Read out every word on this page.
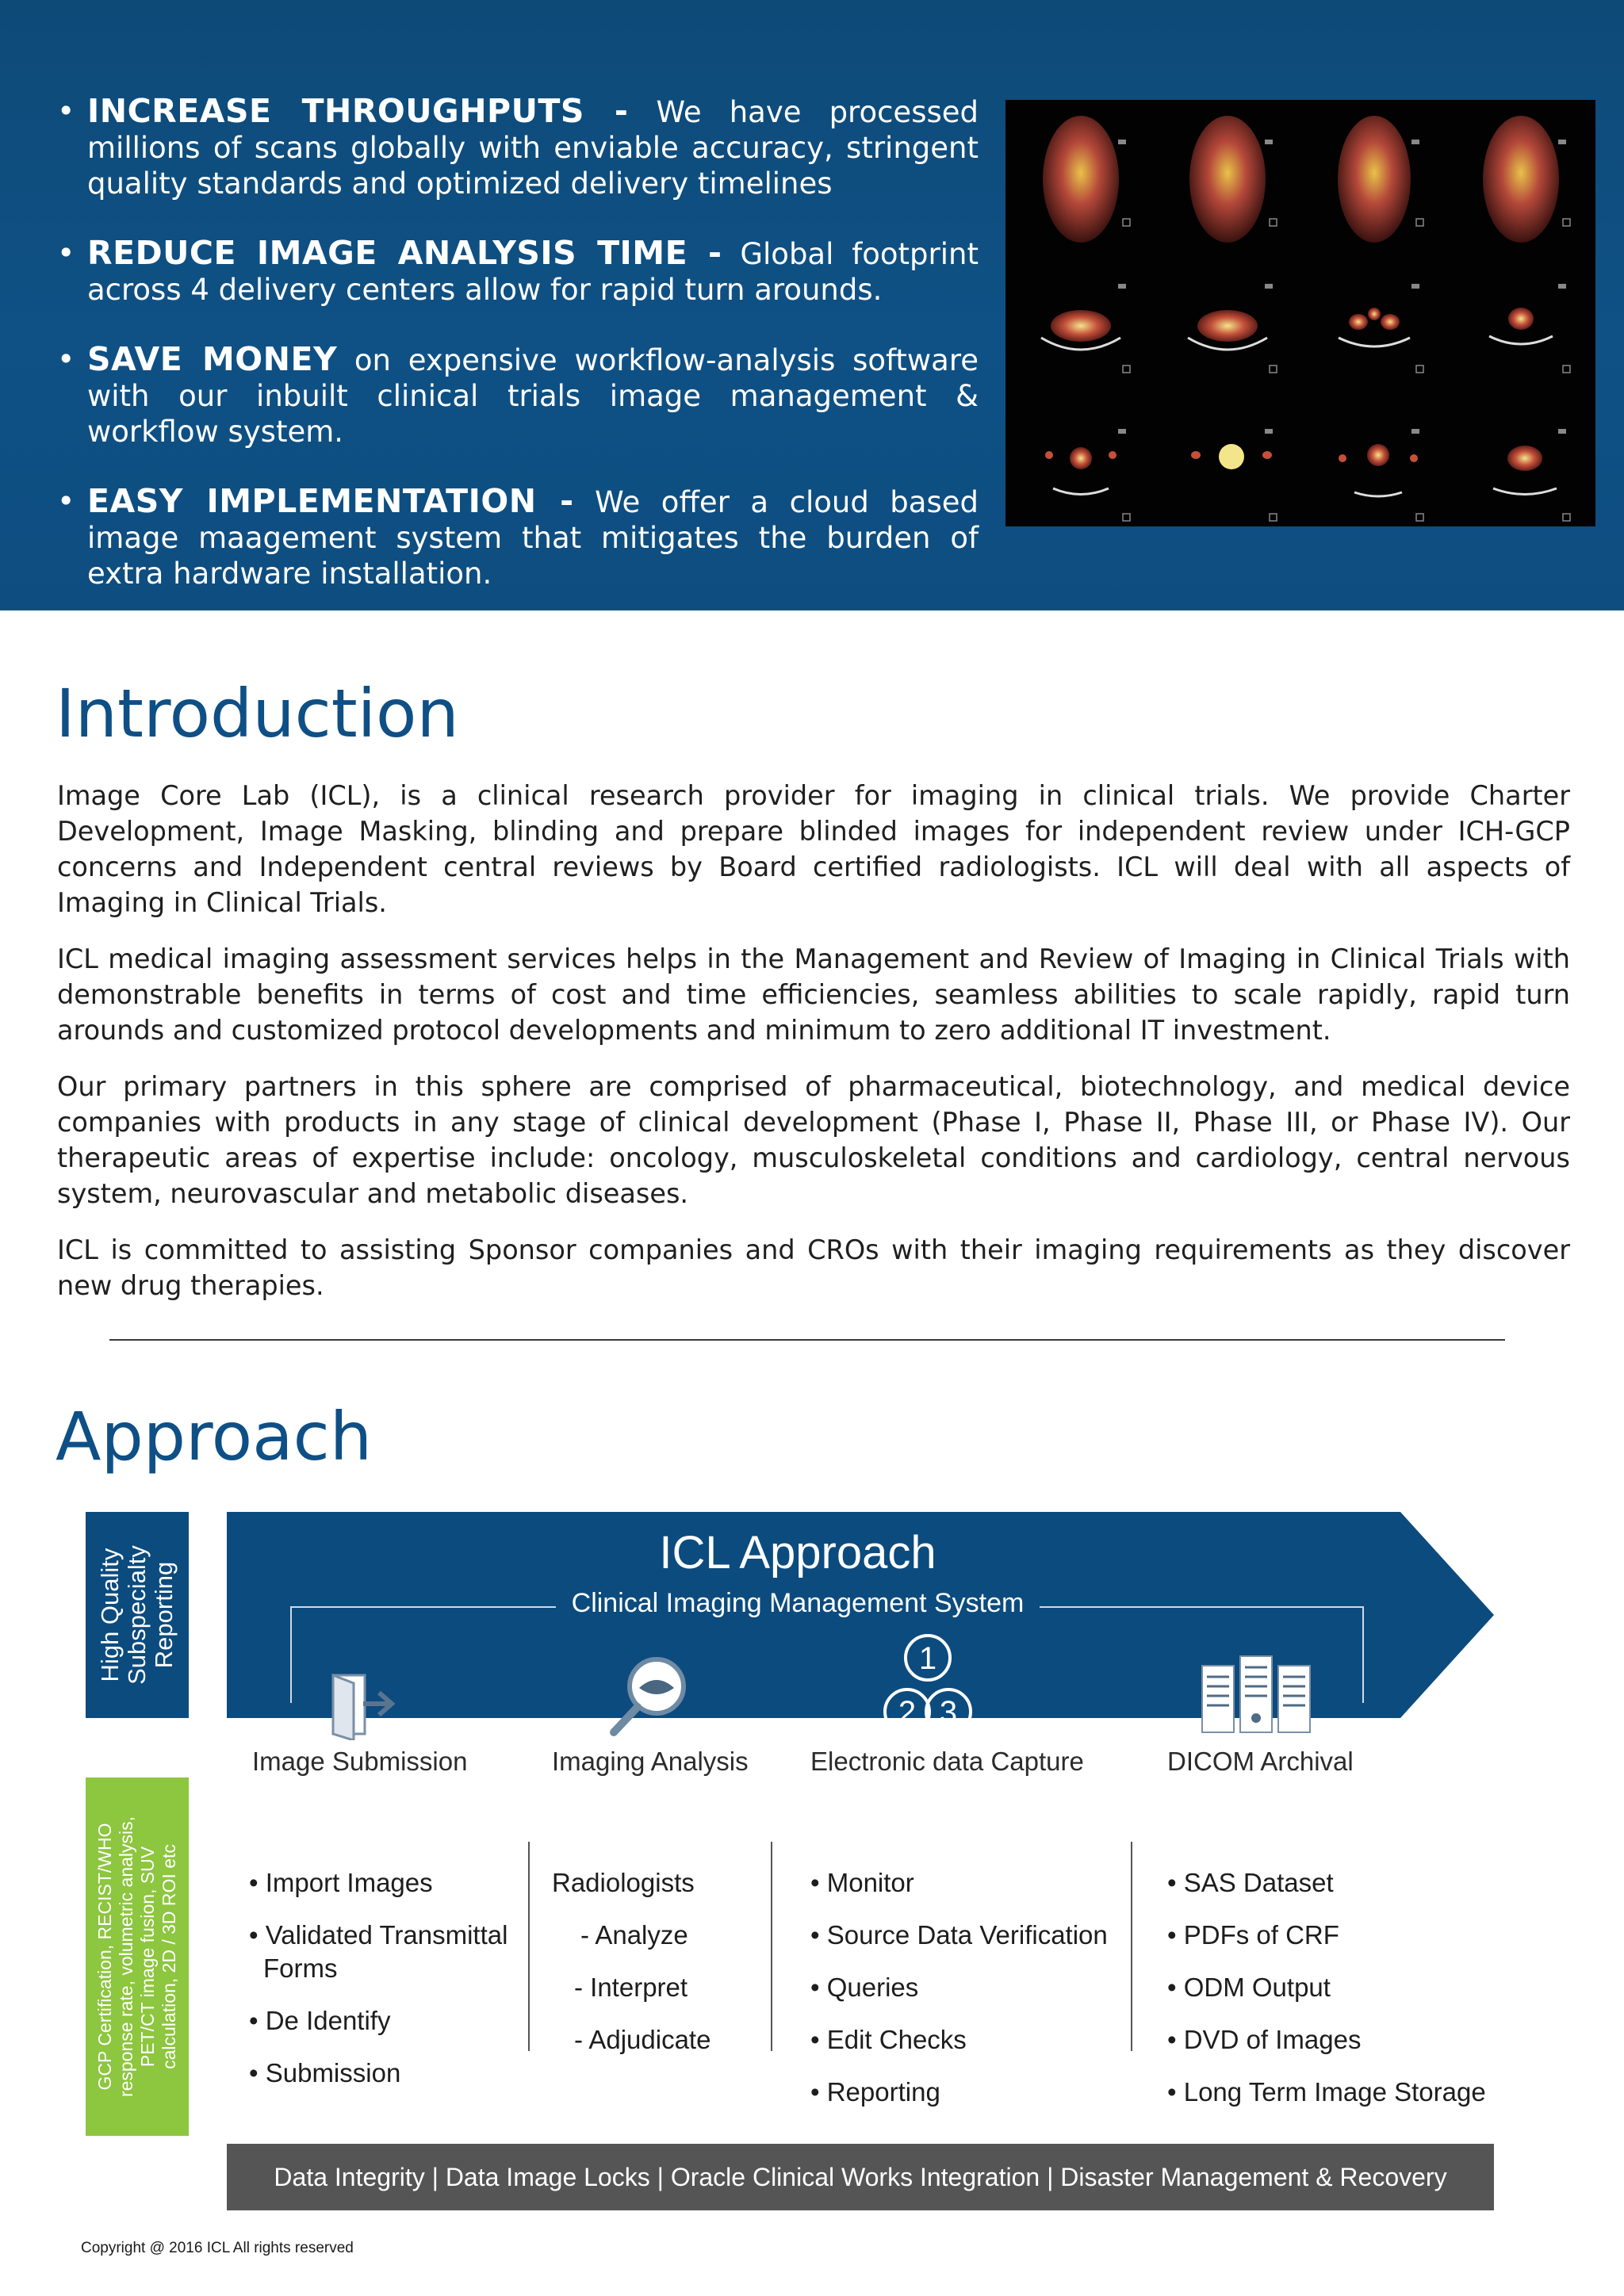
• INCREASE THROUGHPUTS - We have processed millions of scans globally with enviable accuracy, stringent quality standards and optimized delivery timelines
• REDUCE IMAGE ANALYSIS TIME - Global footprint across 4 delivery centers allow for rapid turn arounds.
• SAVE MONEY on expensive workflow-analysis software with our inbuilt clinical trials image management & workflow system.
• EASY IMPLEMENTATION - We offer a cloud based image maagement system that mitigates the burden of extra hardware installation.
Introduction

Image Core Lab (ICL), is a clinical research provider for imaging in clinical trials. We provide Charter Development, Image Masking, blinding and prepare blinded images for independent review under ICH-GCP concerns and Independent central reviews by Board certified radiologists. ICL will deal with all aspects of Imaging in Clinical Trials.

ICL medical imaging assessment services helps in the Management and Review of Imaging in Clinical Trials with demonstrable benefits in terms of cost and time efficiencies, seamless abilities to scale rapidly, rapid turn arounds and customized protocol developments and minimum to zero additional IT investment.

Our primary partners in this sphere are comprised of pharmaceutical, biotechnology, and medical device companies with products in any stage of clinical development (Phase I, Phase II, Phase III, or Phase IV). Our therapeutic areas of expertise include: oncology, musculoskeletal conditions and cardiology, central nervous system, neurovascular and metabolic diseases.

ICL is committed to assisting Sponsor companies and CROs with their imaging requirements as they discover new drug therapies.

Approach
High Quality Subspecialty Reporting
GCP Certification, RECIST/WHO response rate, volumetric analysis, PET/CT image fusion, SUV calculation, 2D / 3D ROI etc
ICL Approach
Clinical Imaging Management System
1
2 3
Image Submission	Imaging Analysis Electronic data Capture	DICOM Archival
• Import Images
• Validated Transmittal
Forms
• De Identify
• Submission
Radiologists
- Analyze
- Interpret
- Adjudicate
• Monitor
• Source Data Verification
• Queries
• Edit Checks
• Reporting
• SAS Dataset
• PDFs of CRF
• ODM Output
• DVD of Images
• Long Term Image Storage
Data Integrity | Data Image Locks | Oracle Clinical Works Integration | Disaster Management & Recovery
Copyright @ 2016 ICL All rights reserved
